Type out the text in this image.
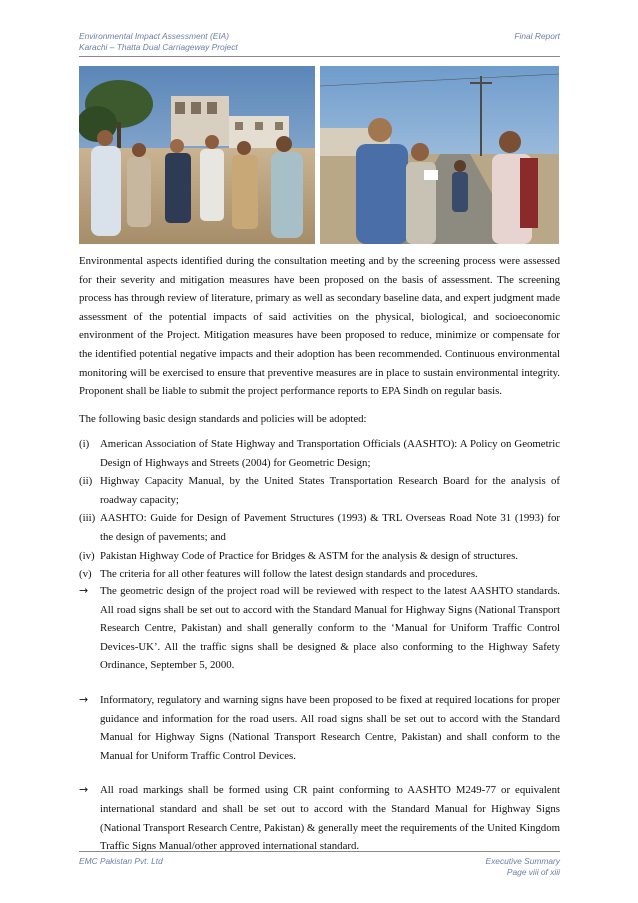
Environmental Impact Assessment (EIA)
Karachi – Thatta Dual Carriageway Project
Final Report

Environmental aspects identified during the consultation meeting and by the screening process were assessed for their severity and mitigation measures have been proposed on the basis of assessment. The screening process has through review of literature, primary as well as secondary baseline data, and expert judgment made assessment of the potential impacts of said activities on the physical, biological, and socioeconomic environment of the Project. Mitigation measures have been proposed to reduce, minimize or compensate for the identified potential negative impacts and their adoption has been recommended. Continuous environmental monitoring will be exercised to ensure that preventive measures are in place to sustain environmental integrity. Proponent shall be liable to submit the project performance reports to EPA Sindh on regular basis.

The following basic design standards and policies will be adopted:

(i) American Association of State Highway and Transportation Officials (AASHTO): A Policy on Geometric Design of Highways and Streets (2004) for Geometric Design;
(ii) Highway Capacity Manual, by the United States Transportation Research Board for the analysis of roadway capacity;
(iii) AASHTO: Guide for Design of Pavement Structures (1993) & TRL Overseas Road Note 31 (1993) for the design of pavements; and
(iv) Pakistan Highway Code of Practice for Bridges & ASTM for the analysis & design of structures.
(v) The criteria for all other features will follow the latest design standards and procedures.
→ The geometric design of the project road will be reviewed with respect to the latest AASHTO standards. All road signs shall be set out to accord with the Standard Manual for Highway Signs (National Transport Research Centre, Pakistan) and shall generally conform to the ‘Manual for Uniform Traffic Control Devices-UK’. All the traffic signs shall be designed & place also conforming to the Highway Safety Ordinance, September 5, 2000.
→ Informatory, regulatory and warning signs have been proposed to be fixed at required locations for proper guidance and information for the road users. All road signs shall be set out to accord with the Standard Manual for Highway Signs (National Transport Research Centre, Pakistan) and shall conform to the Manual for Uniform Traffic Control Devices.
→ All road markings shall be formed using CR paint conforming to AASHTO M249-77 or equivalent international standard and shall be set out to accord with the Standard Manual for Highway Signs (National Transport Research Centre, Pakistan) & generally meet the requirements of the United Kingdom Traffic Signs Manual/other approved international standard.
EMC Pakistan Pvt. Ltd	Executive Summary
Page viii of xiii
